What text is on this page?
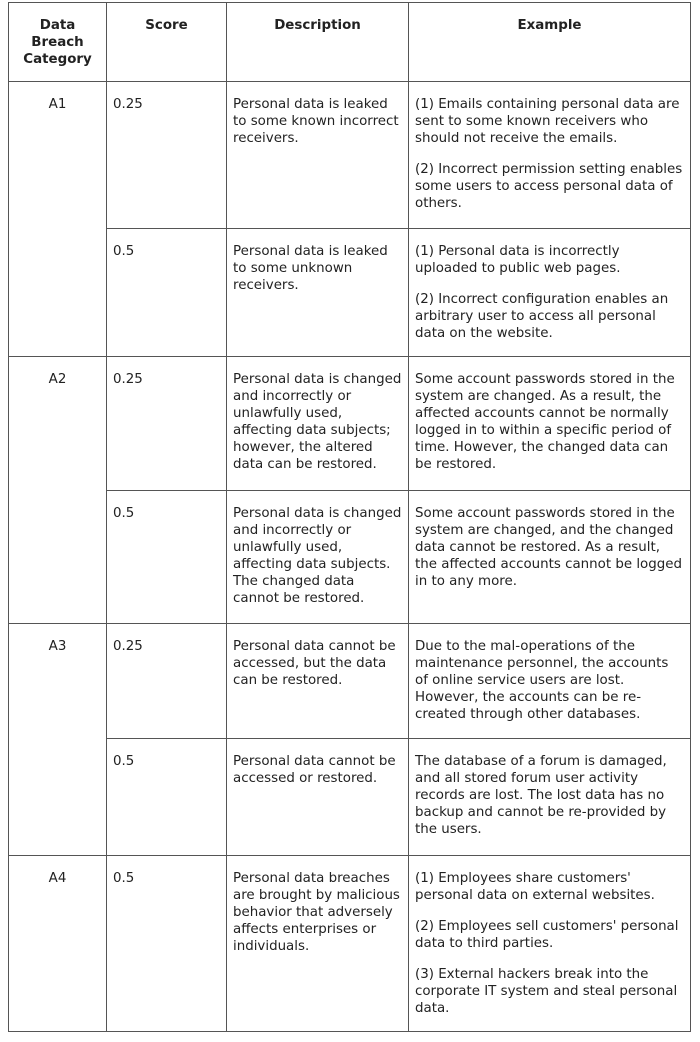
Data Breach Category	Score	Description	Example
A1	0.25	Personal data is leaked to some known incorrect receivers.	(1) Emails containing personal data are sent to some known receivers who should not receive the emails.

(2) Incorrect permission setting enables some users to access personal data of others.

	0.5	Personal data is leaked to some unknown receivers.	(1) Personal data is incorrectly uploaded to public web pages.

(2) Incorrect configuration enables an arbitrary user to access all personal data on the website.

A2	0.25	Personal data is changed and incorrectly or unlawfully used, affecting data subjects; however, the altered data can be restored.	Some account passwords stored in the system are changed. As a result, the affected accounts cannot be normally logged in to within a specific period of time. However, the changed data can be restored.

	0.5	Personal data is changed and incorrectly or unlawfully used, affecting data subjects. The changed data cannot be restored.	Some account passwords stored in the system are changed, and the changed data cannot be restored. As a result, the affected accounts cannot be logged in to any more.

A3	0.25	Personal data cannot be accessed, but the data can be restored.	Due to the mal-operations of the maintenance personnel, the accounts of online service users are lost. However, the accounts can be re-created through other databases.

	0.5	Personal data cannot be accessed or restored.	The database of a forum is damaged, and all stored forum user activity records are lost. The lost data has no backup and cannot be re-provided by the users.

A4	0.5	Personal data breaches are brought by malicious behavior that adversely affects enterprises or individuals.	(1) Employees share customers' personal data on external websites.

(2) Employees sell customers' personal data to third parties.

(3) External hackers break into the corporate IT system and steal personal data.
